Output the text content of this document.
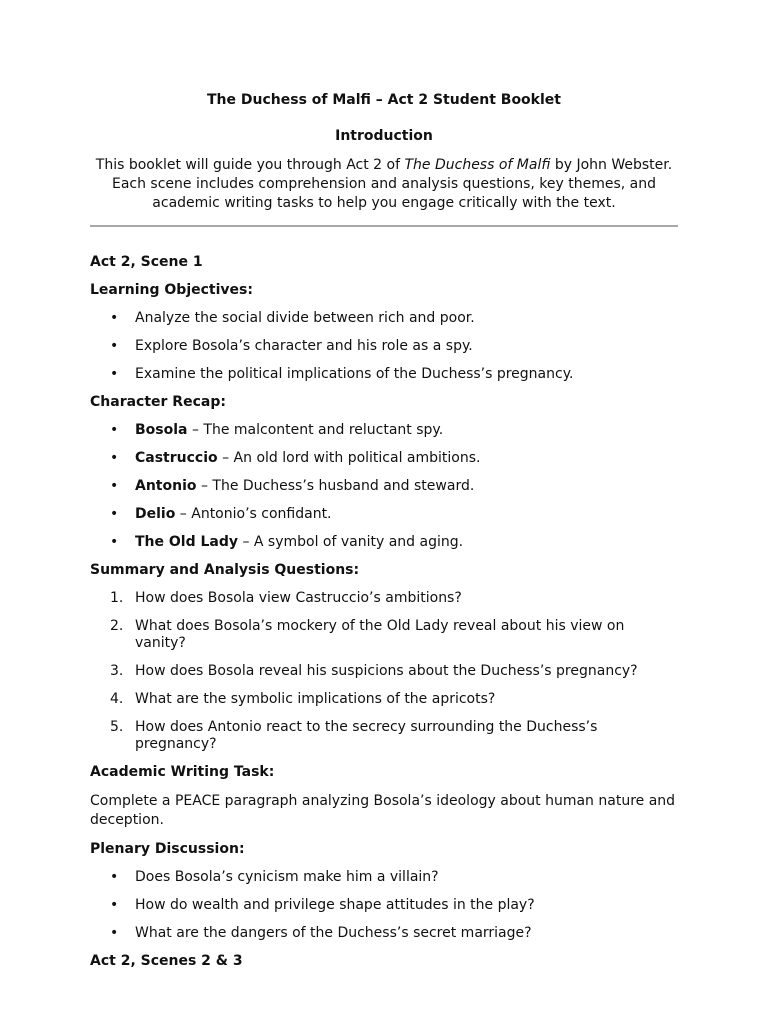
The Duchess of Malfi – Act 2 Student Booklet

Introduction

This booklet will guide you through Act 2 of The Duchess of Malfi by John Webster. Each scene includes comprehension and analysis questions, key themes, and academic writing tasks to help you engage critically with the text.

Act 2, Scene 1

Learning Objectives:

• Analyze the social divide between rich and poor.
• Explore Bosola’s character and his role as a spy.
• Examine the political implications of the Duchess’s pregnancy.

Character Recap:

• Bosola – The malcontent and reluctant spy.
• Castruccio – An old lord with political ambitions.
• Antonio – The Duchess’s husband and steward.
• Delio – Antonio’s confidant.
• The Old Lady – A symbol of vanity and aging.

Summary and Analysis Questions:

1. How does Bosola view Castruccio’s ambitions?
2. What does Bosola’s mockery of the Old Lady reveal about his view on vanity?
3. How does Bosola reveal his suspicions about the Duchess’s pregnancy?
4. What are the symbolic implications of the apricots?
5. How does Antonio react to the secrecy surrounding the Duchess’s pregnancy?

Academic Writing Task:

Complete a PEACE paragraph analyzing Bosola’s ideology about human nature and deception.

Plenary Discussion:

• Does Bosola’s cynicism make him a villain?
• How do wealth and privilege shape attitudes in the play?
• What are the dangers of the Duchess’s secret marriage?

Act 2, Scenes 2 & 3
